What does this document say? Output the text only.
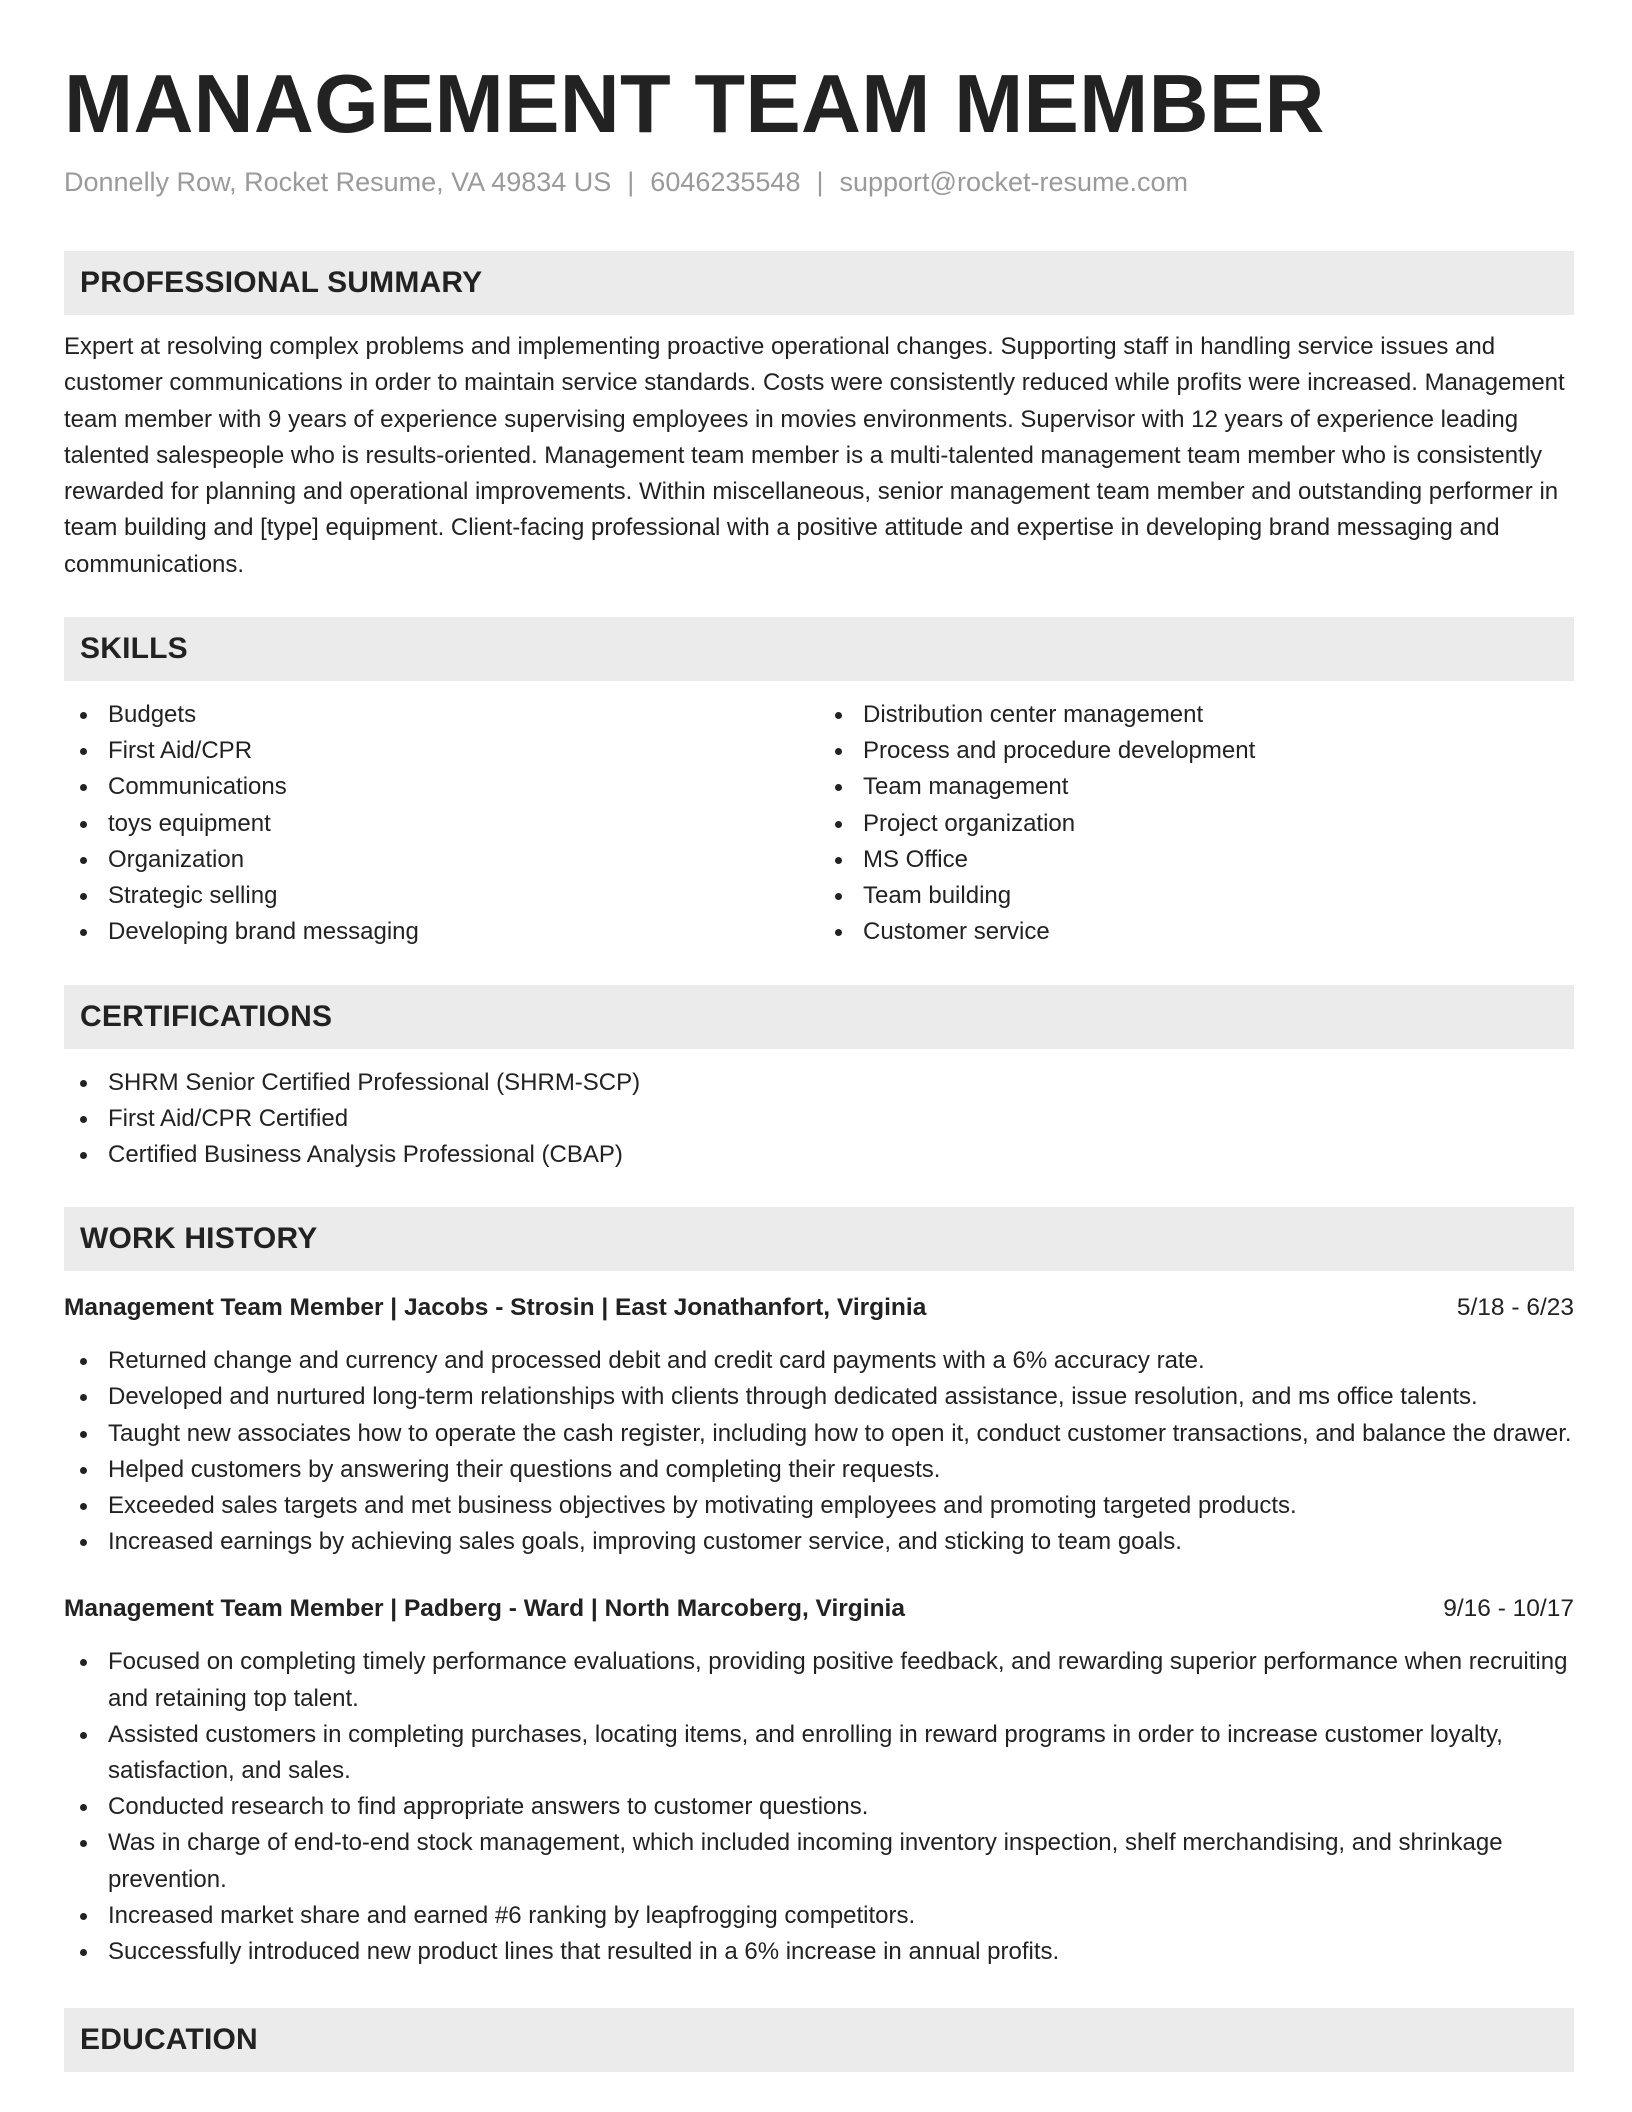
MANAGEMENT TEAM MEMBER
Donnelly Row, Rocket Resume, VA 49834 US | 6046235548 | support@rocket-resume.com
PROFESSIONAL SUMMARY

Expert at resolving complex problems and implementing proactive operational changes. Supporting staff in handling service issues and customer communications in order to maintain service standards. Costs were consistently reduced while profits were increased. Management team member with 9 years of experience supervising employees in movies environments. Supervisor with 12 years of experience leading talented salespeople who is results-oriented. Management team member is a multi-talented management team member who is consistently rewarded for planning and operational improvements. Within miscellaneous, senior management team member and outstanding performer in team building and [type] equipment. Client-facing professional with a positive attitude and expertise in developing brand messaging and communications.

SKILLS
Budgets
First Aid/CPR
Communications
toys equipment
Organization
Strategic selling
Developing brand messaging
Distribution center management
Process and procedure development
Team management
Project organization
MS Office
Team building
Customer service
CERTIFICATIONS
SHRM Senior Certified Professional (SHRM-SCP)
First Aid/CPR Certified
Certified Business Analysis Professional (CBAP)
WORK HISTORY
Management Team Member | Jacobs - Strosin | East Jonathanfort, Virginia	5/18 - 6/23
Returned change and currency and processed debit and credit card payments with a 6% accuracy rate.
Developed and nurtured long-term relationships with clients through dedicated assistance, issue resolution, and ms office talents.
Taught new associates how to operate the cash register, including how to open it, conduct customer transactions, and balance the drawer.
Helped customers by answering their questions and completing their requests.
Exceeded sales targets and met business objectives by motivating employees and promoting targeted products.
Increased earnings by achieving sales goals, improving customer service, and sticking to team goals.
Management Team Member | Padberg - Ward | North Marcoberg, Virginia	9/16 - 10/17
Focused on completing timely performance evaluations, providing positive feedback, and rewarding superior performance when recruiting and retaining top talent.
Assisted customers in completing purchases, locating items, and enrolling in reward programs in order to increase customer loyalty, satisfaction, and sales.
Conducted research to find appropriate answers to customer questions.
Was in charge of end-to-end stock management, which included incoming inventory inspection, shelf merchandising, and shrinkage prevention.
Increased market share and earned #6 ranking by leapfrogging competitors.
Successfully introduced new product lines that resulted in a 6% increase in annual profits.
EDUCATION
